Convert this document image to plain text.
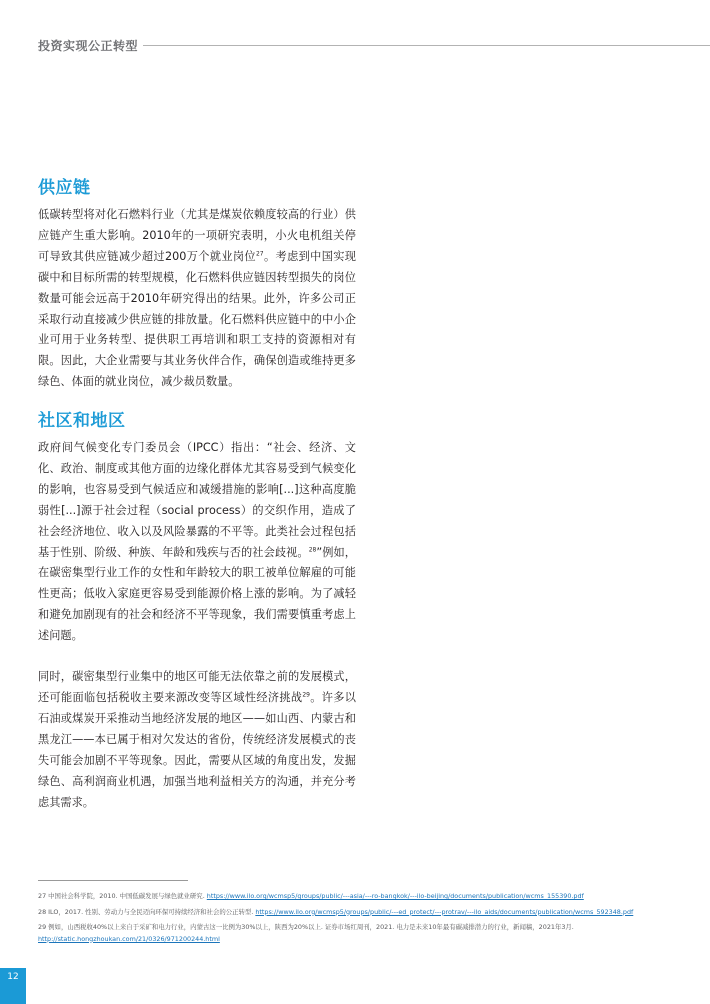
投资实现公正转型
供应链

低碳转型将对化石燃料行业（尤其是煤炭依赖度较高的行业）供应链产生重大影响。2010年的一项研究表明，小火电机组关停可导致其供应链减少超过200万个就业岗位$^{27}$。考虑到中国实现碳中和目标所需的转型规模，化石燃料供应链因转型损失的岗位数量可能会远高于2010年研究得出的结果。此外，许多公司正采取行动直接减少供应链的排放量。化石燃料供应链中的中小企业可用于业务转型、提供职工再培训和职工支持的资源相对有限。因此，大企业需要与其业务伙伴合作，确保创造或维持更多绿色、体面的就业岗位，减少裁员数量。

社区和地区

政府间气候变化专门委员会（IPCC）指出：“社会、经济、文化、政治、制度或其他方面的边缘化群体尤其容易受到气候变化的影响，也容易受到气候适应和减缓措施的影响[...]这种高度脆弱性[...]源于社会过程（social process）的交织作用，造成了社会经济地位、收入以及风险暴露的不平等。此类社会过程包括基于性别、阶级、种族、年龄和残疾与否的社会歧视。$^{28}$”例如，在碳密集型行业工作的女性和年龄较大的职工被单位解雇的可能性更高；低收入家庭更容易受到能源价格上涨的影响。为了减轻和避免加剧现有的社会和经济不平等现象，我们需要慎重考虑上述问题。

同时，碳密集型行业集中的地区可能无法依靠之前的发展模式，还可能面临包括税收主要来源改变等区域性经济挑战$^{29}$。许多以石油或煤炭开采推动当地经济发展的地区——如山西、内蒙古和黑龙江——本已属于相对欠发达的省份，传统经济发展模式的丧失可能会加剧不平等现象。因此，需要从区域的角度出发，发掘绿色、高利润商业机遇，加强当地利益相关方的沟通，并充分考虑其需求。

27 中国社会科学院，2010. 中国低碳发展与绿色就业研究. https://www.ilo.org/wcmsp5/groups/public/---asia/---ro-bangkok/---ilo-beijing/documents/publication/wcms_155390.pdf

28 ILO，2017. 性别、劳动力与全民迈向环保可持续经济和社会的公正转型. https://www.ilo.org/wcmsp5/groups/public/---ed_protect/---protrav/---ilo_aids/documents/publication/wcms_592348.pdf

29 例如，山西税收40%以上来自于采矿和电力行业，内蒙古这一比例为30%以上，陕西为20%以上. 证券市场红周刊，2021. 电力是未来10年最有碳减排潜力的行业，新闻稿，2021年3月. http://static.hongzhoukan.com/21/0326/971200244.html

12
